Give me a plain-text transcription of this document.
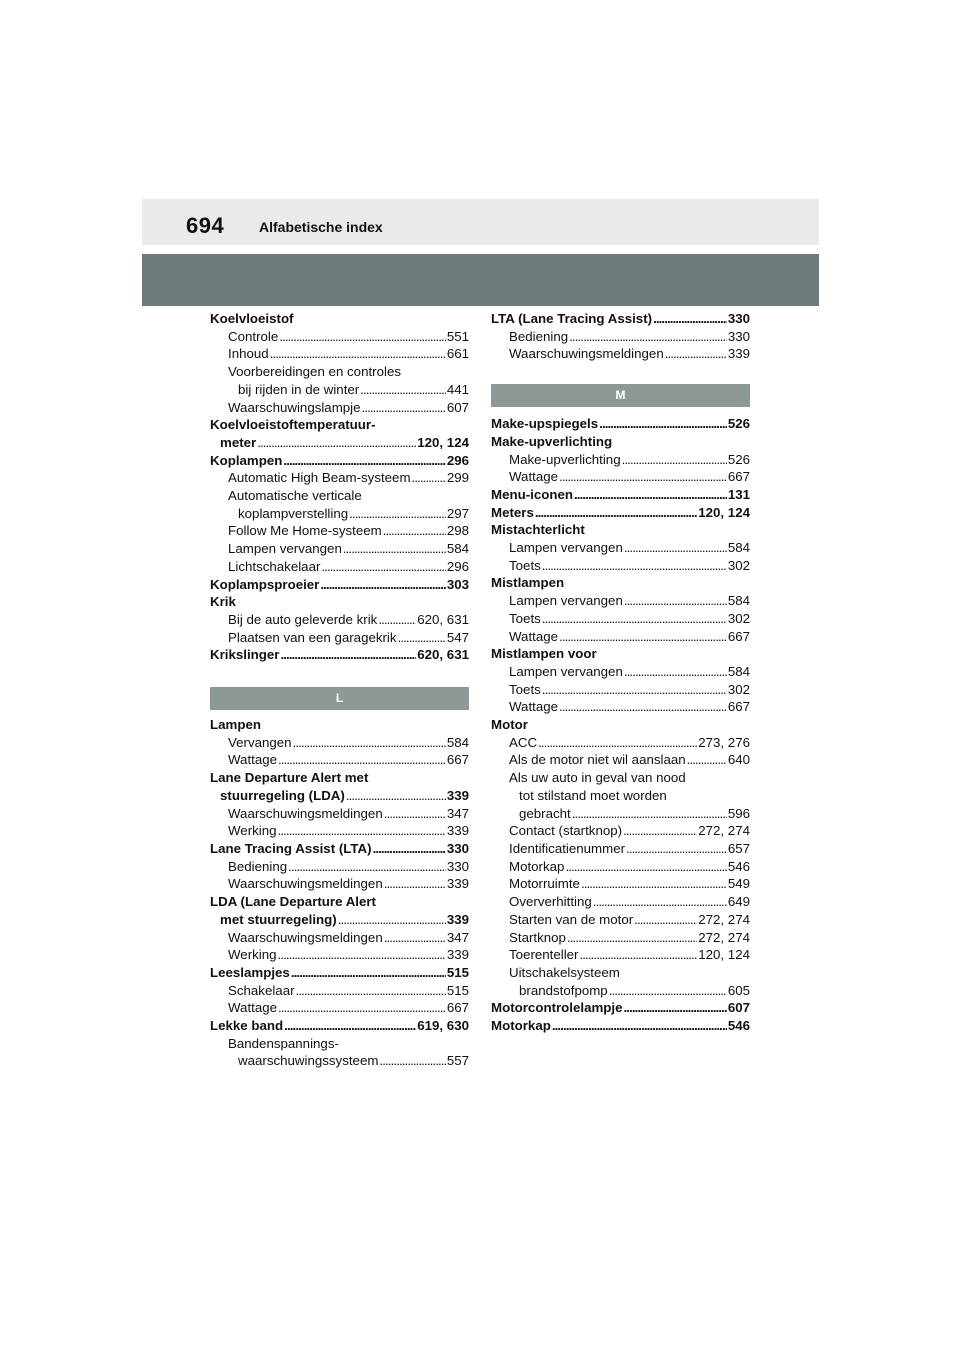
694 Alfabetische index
Koelvloeistof
Controle . . .	551
Inhoud . . .	661
Voorbereidingen en controles
bij rijden in de winter . . .	441
Waarschuwingslampje . . .	607
Koelvloeistoftemperatuur-
meter . . .	120, 124
Koplampen . . .	296
Automatic High Beam-systeem . . .	299
Automatische verticale
koplampverstelling . . .	297
Follow Me Home-systeem . . .	298
Lampen vervangen . . .	584
Lichtschakelaar . . .	296
Koplampsproeier . . .	303
Krik
Bij de auto geleverde krik . . .	620, 631
Plaatsen van een garagekrik . . .	547
Krikslinger . . .	620, 631
L
Lampen
Vervangen . . .	584
Wattage . . .	667
Lane Departure Alert met
stuurregeling (LDA) . . .	339
Waarschuwingsmeldingen . . .	347
Werking . . .	339
Lane Tracing Assist (LTA) . . .	330
Bediening . . .	330
Waarschuwingsmeldingen . . .	339
LDA (Lane Departure Alert
met stuurregeling) . . .	339
Waarschuwingsmeldingen . . .	347
Werking . . .	339
Leeslampjes . . .	515
Schakelaar . . .	515
Wattage . . .	667
Lekke band . . .	619, 630
Bandenspannings-
waarschuwingssysteem . . .	557
LTA (Lane Tracing Assist) . . .	330
Bediening . . .	330
Waarschuwingsmeldingen . . .	339
M
Make-upspiegels . . .	526
Make-upverlichting
Make-upverlichting . . .	526
Wattage . . .	667
Menu-iconen . . .	131
Meters . . .	120, 124
Mistachterlicht
Lampen vervangen . . .	584
Toets . . .	302
Mistlampen
Lampen vervangen . . .	584
Toets . . .	302
Wattage . . .	667
Mistlampen voor
Lampen vervangen . . .	584
Toets . . .	302
Wattage . . .	667
Motor
ACC . . .	273, 276
Als de motor niet wil aanslaan . . .	640
Als uw auto in geval van nood
tot stilstand moet worden
gebracht . . .	596
Contact (startknop) . . .	272, 274
Identificatienummer . . .	657
Motorkap . . .	546
Motorruimte . . .	549
Oververhitting . . .	649
Starten van de motor . . .	272, 274
Startknop . . .	272, 274
Toerenteller . . .	120, 124
Uitschakelsysteem
brandstofpomp . . .	605
Motorcontrolelampje . . .	607
Motorkap . . .	546
